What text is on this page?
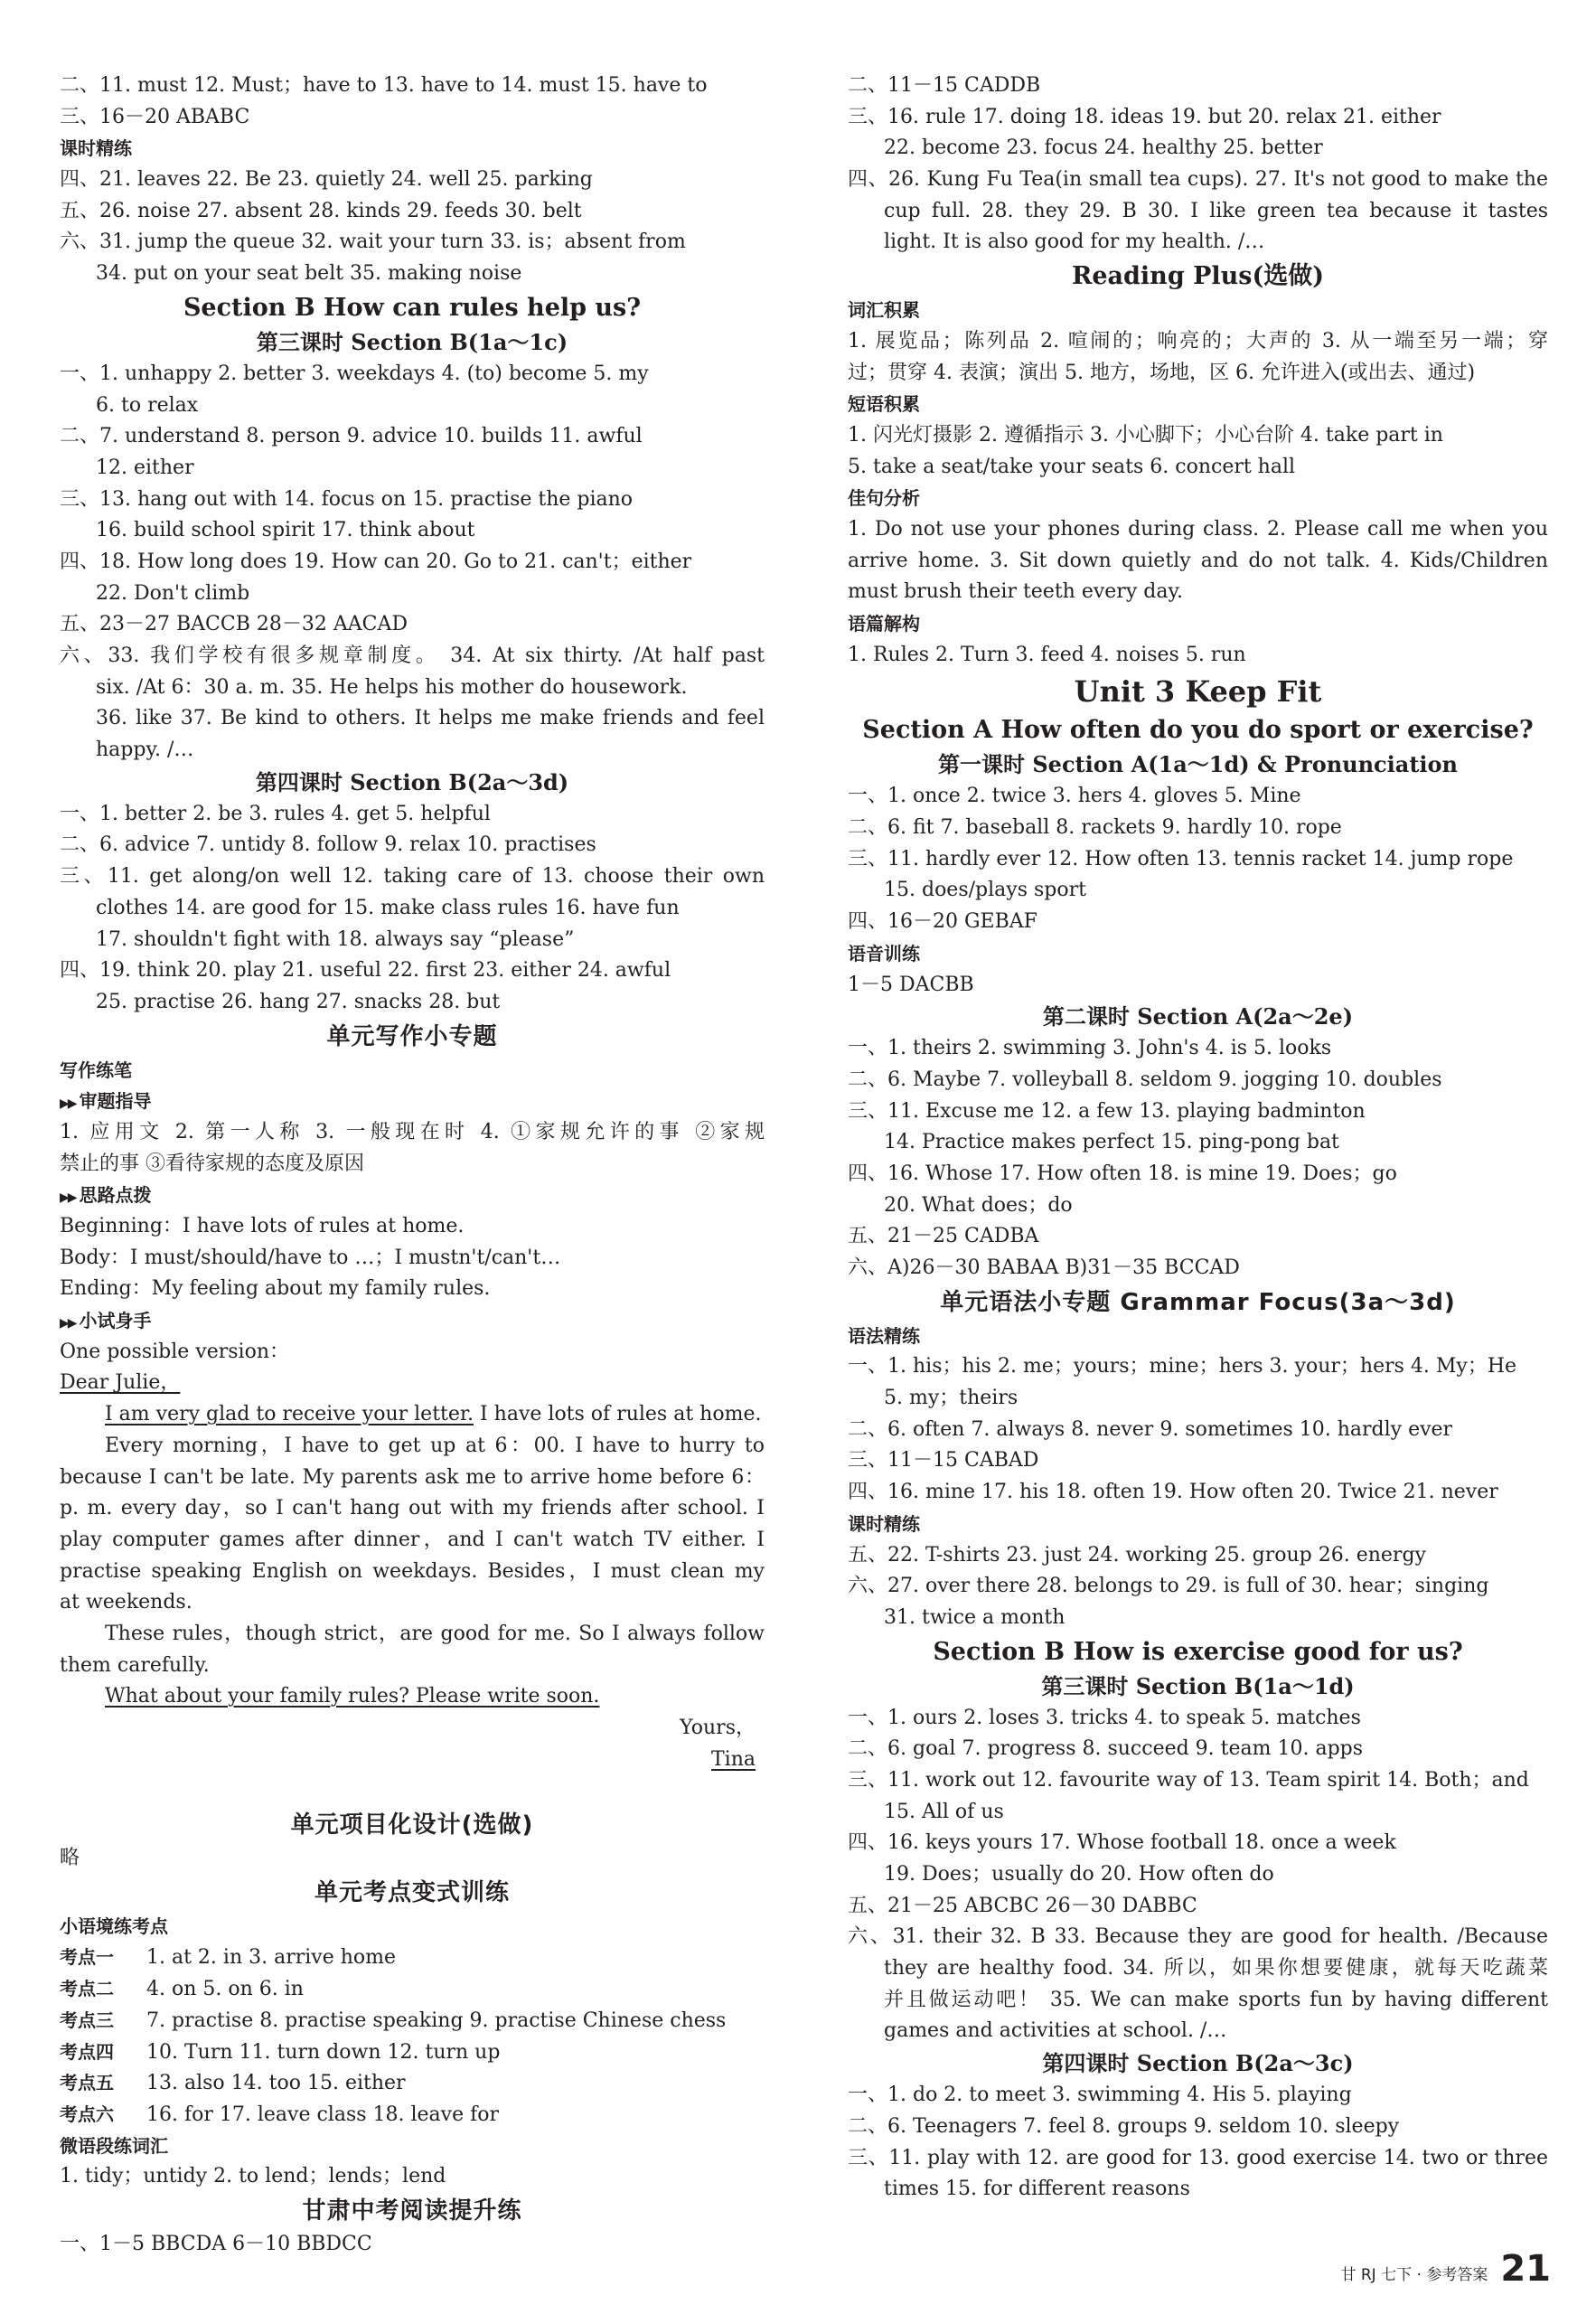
二、11. must 12. Must；have to 13. have to 14. must 15. have to
三、16－20 ABABC
课时精练
四、21. leaves 22. Be 23. quietly 24. well 25. parking
五、26. noise 27. absent 28. kinds 29. feeds 30. belt
六、31. jump the queue 32. wait your turn 33. is；absent from
34. put on your seat belt 35. making noise
Section B How can rules help us?
第三课时 Section B(1a～1c)
一、1. unhappy 2. better 3. weekdays 4. (to) become 5. my
6. to relax
二、7. understand 8. person 9. advice 10. builds 11. awful
12. either
三、13. hang out with 14. focus on 15. practise the piano
16. build school spirit 17. think about
四、18. How long does 19. How can 20. Go to 21. can't；either
22. Don't climb
五、23－27 BACCB 28－32 AACAD
六、33. 我们学校有很多规章制度。 34. At six thirty. /At half past
six. /At 6：30 a. m. 35. He helps his mother do housework.
36. like 37. Be kind to others. It helps me make friends and feel
happy. /…
第四课时 Section B(2a～3d)
一、1. better 2. be 3. rules 4. get 5. helpful
二、6. advice 7. untidy 8. follow 9. relax 10. practises
三、11. get along/on well 12. taking care of 13. choose their own
clothes 14. are good for 15. make class rules 16. have fun
17. shouldn't fight with 18. always say “please”
四、19. think 20. play 21. useful 22. first 23. either 24. awful
25. practise 26. hang 27. snacks 28. but
单元写作小专题
写作练笔
▶▶ 审题指导
1. 应用文 2. 第一人称 3. 一般现在时 4. ①家规允许的事 ②家规
禁止的事 ③看待家规的态度及原因
▶▶ 思路点拨
Beginning：I have lots of rules at home.
Body：I must/should/have to …；I mustn't/can't…
Ending：My feeling about my family rules.
▶▶ 小试身手
One possible version：
Dear Julie，
I am very glad to receive your letter. I have lots of rules at home.
Every morning，I have to get up at 6：00. I have to hurry to
because I can't be late. My parents ask me to arrive home before 6：
p. m. every day，so I can't hang out with my friends after school. I
play computer games after dinner，and I can't watch TV either. I
practise speaking English on weekdays. Besides，I must clean my
at weekends.
These rules，though strict，are good for me. So I always follow
them carefully.
What about your family rules? Please write soon.
Yours，
Tina
单元项目化设计(选做)
略
单元考点变式训练
小语境练考点
考点一 1. at 2. in 3. arrive home
考点二 4. on 5. on 6. in
考点三 7. practise 8. practise speaking 9. practise Chinese chess
考点四 10. Turn 11. turn down 12. turn up
考点五 13. also 14. too 15. either
考点六 16. for 17. leave class 18. leave for
微语段练词汇
1. tidy；untidy 2. to lend；lends；lend
甘肃中考阅读提升练
一、1－5 BBCDA 6－10 BBDCC
二、11－15 CADDB
三、16. rule 17. doing 18. ideas 19. but 20. relax 21. either
22. become 23. focus 24. healthy 25. better
四、26. Kung Fu Tea(in small tea cups). 27. It's not good to make the
cup full. 28. they 29. B 30. I like green tea because it tastes
light. It is also good for my health. /…
Reading Plus(选做)
词汇积累
1. 展览品；陈列品 2. 喧闹的；响亮的；大声的 3. 从一端至另一端；穿
过；贯穿 4. 表演；演出 5. 地方，场地，区 6. 允许进入(或出去、通过)
短语积累
1. 闪光灯摄影 2. 遵循指示 3. 小心脚下；小心台阶 4. take part in
5. take a seat/take your seats 6. concert hall
佳句分析
1. Do not use your phones during class. 2. Please call me when you
arrive home. 3. Sit down quietly and do not talk. 4. Kids/Children
must brush their teeth every day.
语篇解构
1. Rules 2. Turn 3. feed 4. noises 5. run
Unit 3 Keep Fit
Section A How often do you do sport or exercise?
第一课时 Section A(1a～1d) & Pronunciation
一、1. once 2. twice 3. hers 4. gloves 5. Mine
二、6. fit 7. baseball 8. rackets 9. hardly 10. rope
三、11. hardly ever 12. How often 13. tennis racket 14. jump rope
15. does/plays sport
四、16－20 GEBAF
语音训练
1－5 DACBB
第二课时 Section A(2a～2e)
一、1. theirs 2. swimming 3. John's 4. is 5. looks
二、6. Maybe 7. volleyball 8. seldom 9. jogging 10. doubles
三、11. Excuse me 12. a few 13. playing badminton
14. Practice makes perfect 15. ping-pong bat
四、16. Whose 17. How often 18. is mine 19. Does；go
20. What does；do
五、21－25 CADBA
六、A)26－30 BABAA B)31－35 BCCAD
单元语法小专题 Grammar Focus(3a～3d)
语法精练
一、1. his；his 2. me；yours；mine；hers 3. your；hers 4. My；He
5. my；theirs
二、6. often 7. always 8. never 9. sometimes 10. hardly ever
三、11－15 CABAD
四、16. mine 17. his 18. often 19. How often 20. Twice 21. never
课时精练
五、22. T-shirts 23. just 24. working 25. group 26. energy
六、27. over there 28. belongs to 29. is full of 30. hear；singing
31. twice a month
Section B How is exercise good for us?
第三课时 Section B(1a～1d)
一、1. ours 2. loses 3. tricks 4. to speak 5. matches
二、6. goal 7. progress 8. succeed 9. team 10. apps
三、11. work out 12. favourite way of 13. Team spirit 14. Both；and
15. All of us
四、16. keys yours 17. Whose football 18. once a week
19. Does；usually do 20. How often do
五、21－25 ABCBC 26－30 DABBC
六、31. their 32. B 33. Because they are good for health. /Because
they are healthy food. 34. 所以，如果你想要健康，就每天吃蔬菜
并且做运动吧！ 35. We can make sports fun by having different
games and activities at school. /…
第四课时 Section B(2a～3c)
一、1. do 2. to meet 3. swimming 4. His 5. playing
二、6. Teenagers 7. feel 8. groups 9. seldom 10. sleepy
三、11. play with 12. are good for 13. good exercise 14. two or three
times 15. for different reasons
甘 RJ 七下 · 参考答案 21
